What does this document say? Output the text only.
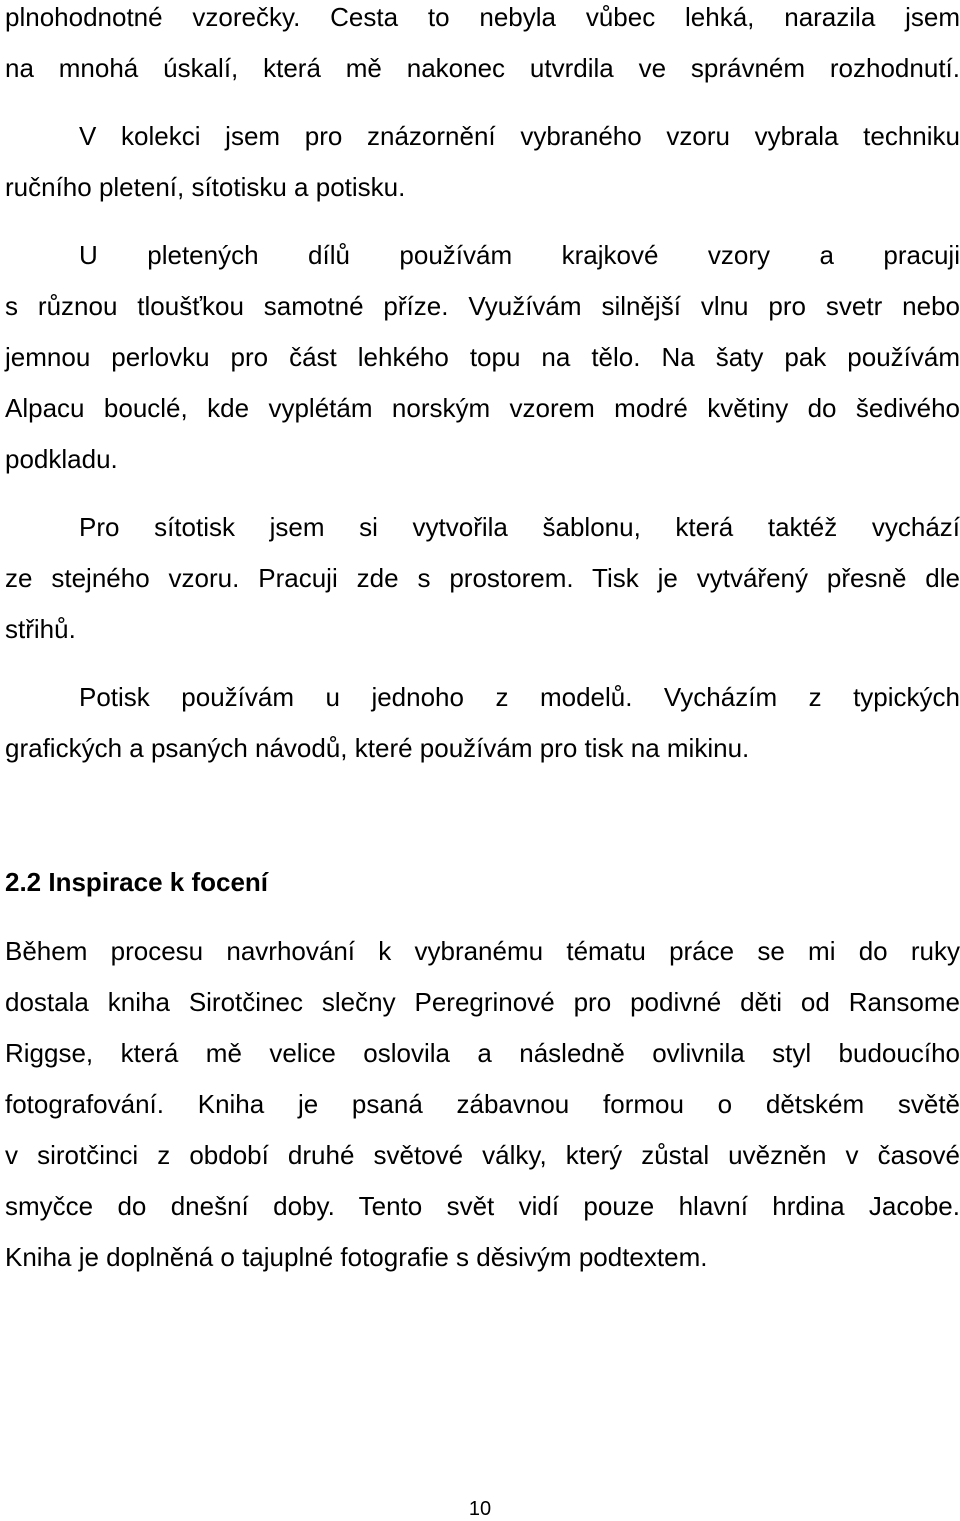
plnohodnotné vzorečky. Cesta to nebyla vůbec lehká, narazila jsem

na mnohá úskalí, která mě nakonec utvrdila ve správném rozhodnutí.

V kolekci jsem pro znázornění vybraného vzoru vybrala techniku

ručního pletení, sítotisku a potisku.

U pletených dílů používám krajkové vzory a pracuji

s různou tloušťkou samotné příze. Využívám silnější vlnu pro svetr nebo

jemnou perlovku pro část lehkého topu na tělo. Na šaty pak používám

Alpacu bouclé, kde vyplétám norským vzorem modré květiny do šedivého

podkladu.

Pro sítotisk jsem si vytvořila šablonu, která taktéž vychází

ze stejného vzoru. Pracuji zde s prostorem. Tisk je vytvářený přesně dle

střihů.

Potisk používám u jednoho z modelů. Vycházím z typických

grafických a psaných návodů, které používám pro tisk na mikinu.

2.2 Inspirace k focení

Během procesu navrhování k vybranému tématu práce se mi do ruky

dostala kniha Sirotčinec slečny Peregrinové pro podivné děti od Ransome

Riggse, která mě velice oslovila a následně ovlivnila styl budoucího

fotografování. Kniha je psaná zábavnou formou o dětském světě

v sirotčinci z období druhé světové války, který zůstal uvězněn v časové

smyčce do dnešní doby. Tento svět vidí pouze hlavní hrdina Jacobe.

Kniha je doplněná o tajuplné fotografie s děsivým podtextem.

10
